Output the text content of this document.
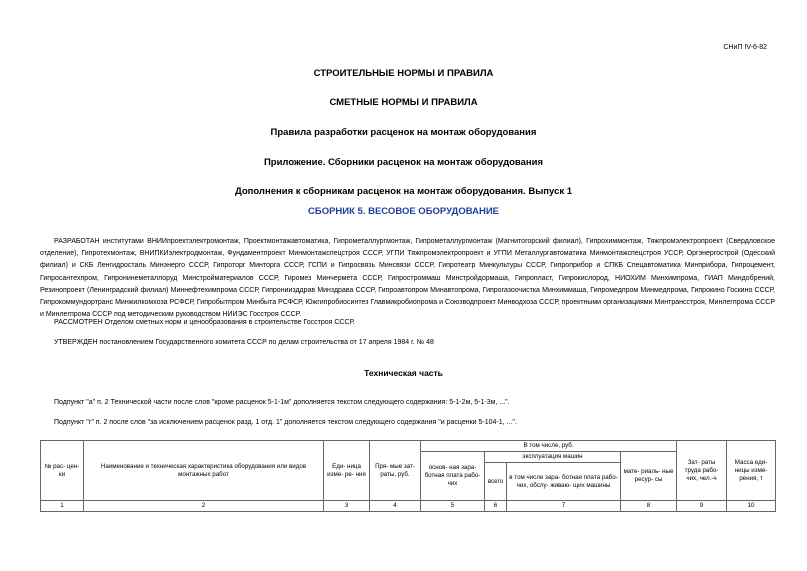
СНиП IV-6-82
СТРОИТЕЛЬНЫЕ НОРМЫ И ПРАВИЛА
СМЕТНЫЕ НОРМЫ И ПРАВИЛА
Правила разработки расценок на монтаж оборудования
Приложение. Сборники расценок на монтаж оборудования
Дополнения к сборникам расценок на монтаж оборудования. Выпуск 1
СБОРНИК 5. ВЕСОВОЕ ОБОРУДОВАНИЕ
РАЗРАБОТАН институтами ВНИИпроектэлектромонтаж, Проектмонтажавтоматика, Гипрометаллургмонтаж, Гипрометаллургмонтаж (Магнитогорский филиал), Гипрохиммонтаж, Тяжпромэлектропроект (Свердловское отделение), Гипротехмонтаж, ВНИПКИэлектродмонтаж, Фундаментпроект Минмонтажспецстроя СССР, УГПИ Тяжпромэлектропроект и УГПИ Металлургавтоматика Минмонтажспецстроя УССР, Оргэнергострой (Одесский филиал) и СКБ Ленгидросталь Минэнерго СССР, Гипроторг Минторга СССР, ГСПИ и Гипросвязь Минсвязи СССР, Гипротеатр Минкультуры СССР, Гипроприбор и СПКБ Спецавтоматика Минприбора, Гипроцемент, Гипросантехпром, Гипронинеметаллоруд Минстройматериалов СССР, Гиромез Минчермета СССР, Гипростроммаш Минстройдормаша, Гипропласт, Гипрокислород, НИОХИМ Минхимпрома, ГИАП Миндобрений, Резинопроект (Ленинградский филиал) Миннефтехимпрома СССР, Гипрониизддрав Минздрава СССР, Гипроавтопром Минавтопрома, Гипрогазоочистка Минхиммаша, Гипромедпром Минмедпрома, Гипрокино Госкино СССР, Гипрокоммундортранс Минжилкомхоза РСФСР, Гипробытпром Минбыта РСФСР, Южгипробиосинтез Главмикробиопрома и Союзводпроект Минводхоза СССР, проектными организациями Минтрансстроя, Минлегпрома СССР и Минлегпрома СССР под методическим руководством НИИЭС Госстроя СССР.
РАССМОТРЕН Отделом сметных норм и ценообразования в строительстве Госстроя СССР.
УТВЕРЖДЕН постановлением Государственного комитета СССР по делам строительства от 17 апреля 1984 г. № 48
Техническая часть
Подпункт "а" п. 2 Технической части после слов "кроме расценок 5-1-1м" дополняется текстом следующего содержания: 5-1-2м, 5-1-3м, ...".
Подпункт "г" п. 2 после слов "за исключением расценок разд. 1 отд. 1" дополняется текстом следующего содержания "и расценки 5-104-1, ...".
№ рас- цен- ки	Наименование и техническая характеристика оборудования или видов монтажных работ	Еди- ница изме- ре- ния	Пря- мые зат- раты, руб.	В том числе, руб.				Зат- раты труда рабо- чих, чел.-ч	Масса еди- ницы изме- рения, т
				основ- ная зара- ботная плата рабо- чих	эксплуатация машин		мате- риаль- ные ресур- сы		
					всего	в том числе зара- ботная плата рабо- чих, обслу- живаю- щих машины			
1	2	3	4	5	6	7	8	9	10
